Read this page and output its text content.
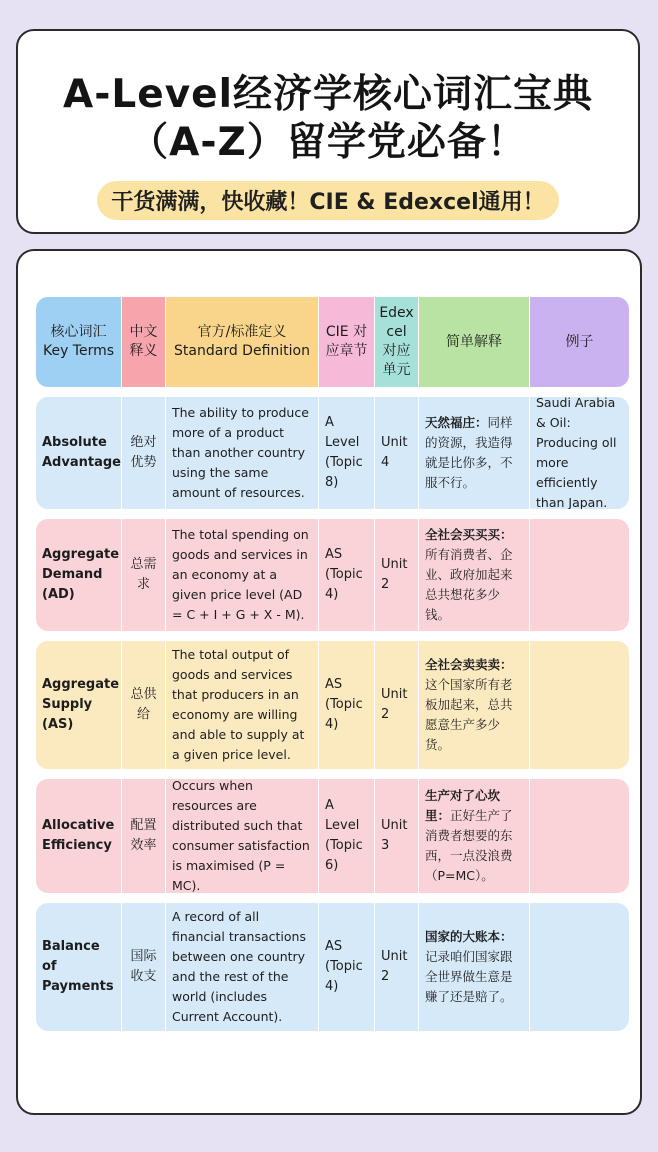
A-Level经济学核心词汇宝典
（A-Z）留学党必备！
干货满满，快收藏！CIE & Edexcel通用！
核心词汇
Key Terms
中文
释义
官方/标准定义
Standard Definition
CIE 对
应章节
Edex
cel
对应
单元
简单解释	例子
Absolute Advantage
绝对
优势
The ability to produce more of a product than another country using the same amount of resources.
A Level (Topic 8)
Unit 4
天然福庄：同样的资源，我造得就是比你多，不服不行。
Saudi Arabia & Oil: Producing oll more efficiently than Japan.
Aggregate Demand (AD)
总需
求
The total spending on goods and services in an economy at a given price level (AD = C + I + G + X - M).
AS (Topic 4)
Unit 2
全社会买买买：所有消费者、企业、政府加起来总共想花多少钱。
Aggregate Supply (AS)
总供
给
The total output of goods and services that producers in an economy are willing and able to supply at a given price level.
AS (Topic 4)
Unit 2
全社会卖卖卖：这个国家所有老板加起来，总共愿意生产多少货。
Allocative Efficiency
配置
效率
Occurs when resources are distributed such that consumer satisfaction is maximised (P = MC).
A Level (Topic 6)
Unit 3
生产对了心坎里：正好生产了消费者想要的东西，一点没浪费（P=MC）。
Balance of Payments
国际
收支
A record of all financial transactions between one country and the rest of the world (includes Current Account).
AS (Topic 4)
Unit 2
国家的大账本：记录咱们国家跟全世界做生意是赚了还是赔了。
